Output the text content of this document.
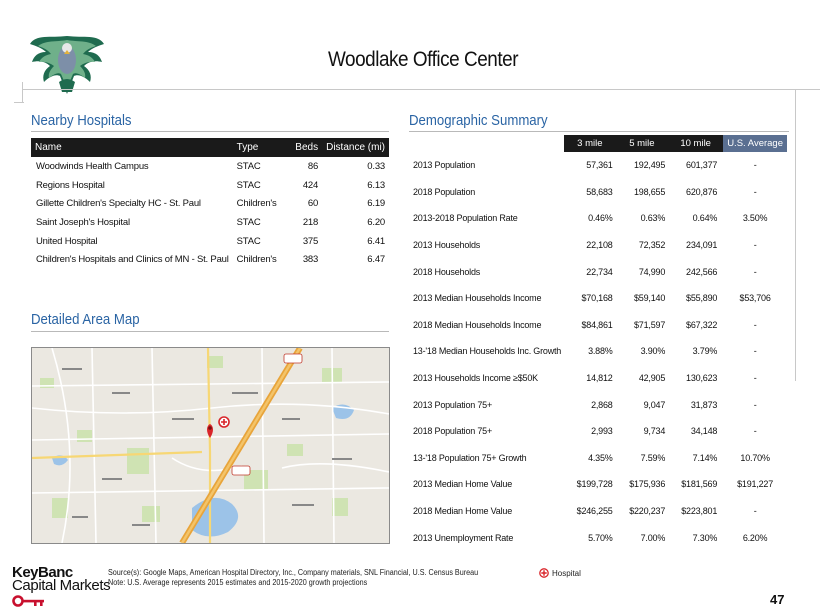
Woodlake Office Center
Nearby Hospitals
Name	Type	Beds	Distance (mi)
Woodwinds Health Campus	STAC	86	0.33
Regions Hospital	STAC	424	6.13
Gillette Children's Specialty HC - St. Paul	Children's	60	6.19
Saint Joseph's Hospital	STAC	218	6.20
United Hospital	STAC	375	6.41
Children's Hospitals and Clinics of MN - St. Paul	Children's	383	6.47
Detailed Area Map
Demographic Summary
	3 mile	5 mile	10 mile	U.S. Average
2013 Population	57,361	192,495	601,377	-
2018 Population	58,683	198,655	620,876	-
2013-2018 Population Rate	0.46%	0.63%	0.64%	3.50%
2013 Households	22,108	72,352	234,091	-
2018 Households	22,734	74,990	242,566	-
2013 Median Households Income	$70,168	$59,140	$55,890	$53,706
2018 Median Households Income	$84,861	$71,597	$67,322	-
13-'18 Median Households Inc. Growth	3.88%	3.90%	3.79%	-
2013 Households Income ≥$50K	14,812	42,905	130,623	-
2013 Population 75+	2,868	9,047	31,873	-
2018 Population 75+	2,993	9,734	34,148	-
13-'18 Population 75+ Growth	4.35%	7.59%	7.14%	10.70%
2013 Median Home Value	$199,728	$175,936	$181,569	$191,227
2018 Median Home Value	$246,255	$220,237	$223,801	-
2013 Unemployment Rate	5.70%	7.00%	7.30%	6.20%
KeyBanc
Capital Markets
Source(s): Google Maps, American Hospital Directory, Inc., Company materials, SNL Financial, U.S. Census Bureau
Note: U.S. Average represents 2015 estimates and 2015-2020 growth projections
Hospital
47
